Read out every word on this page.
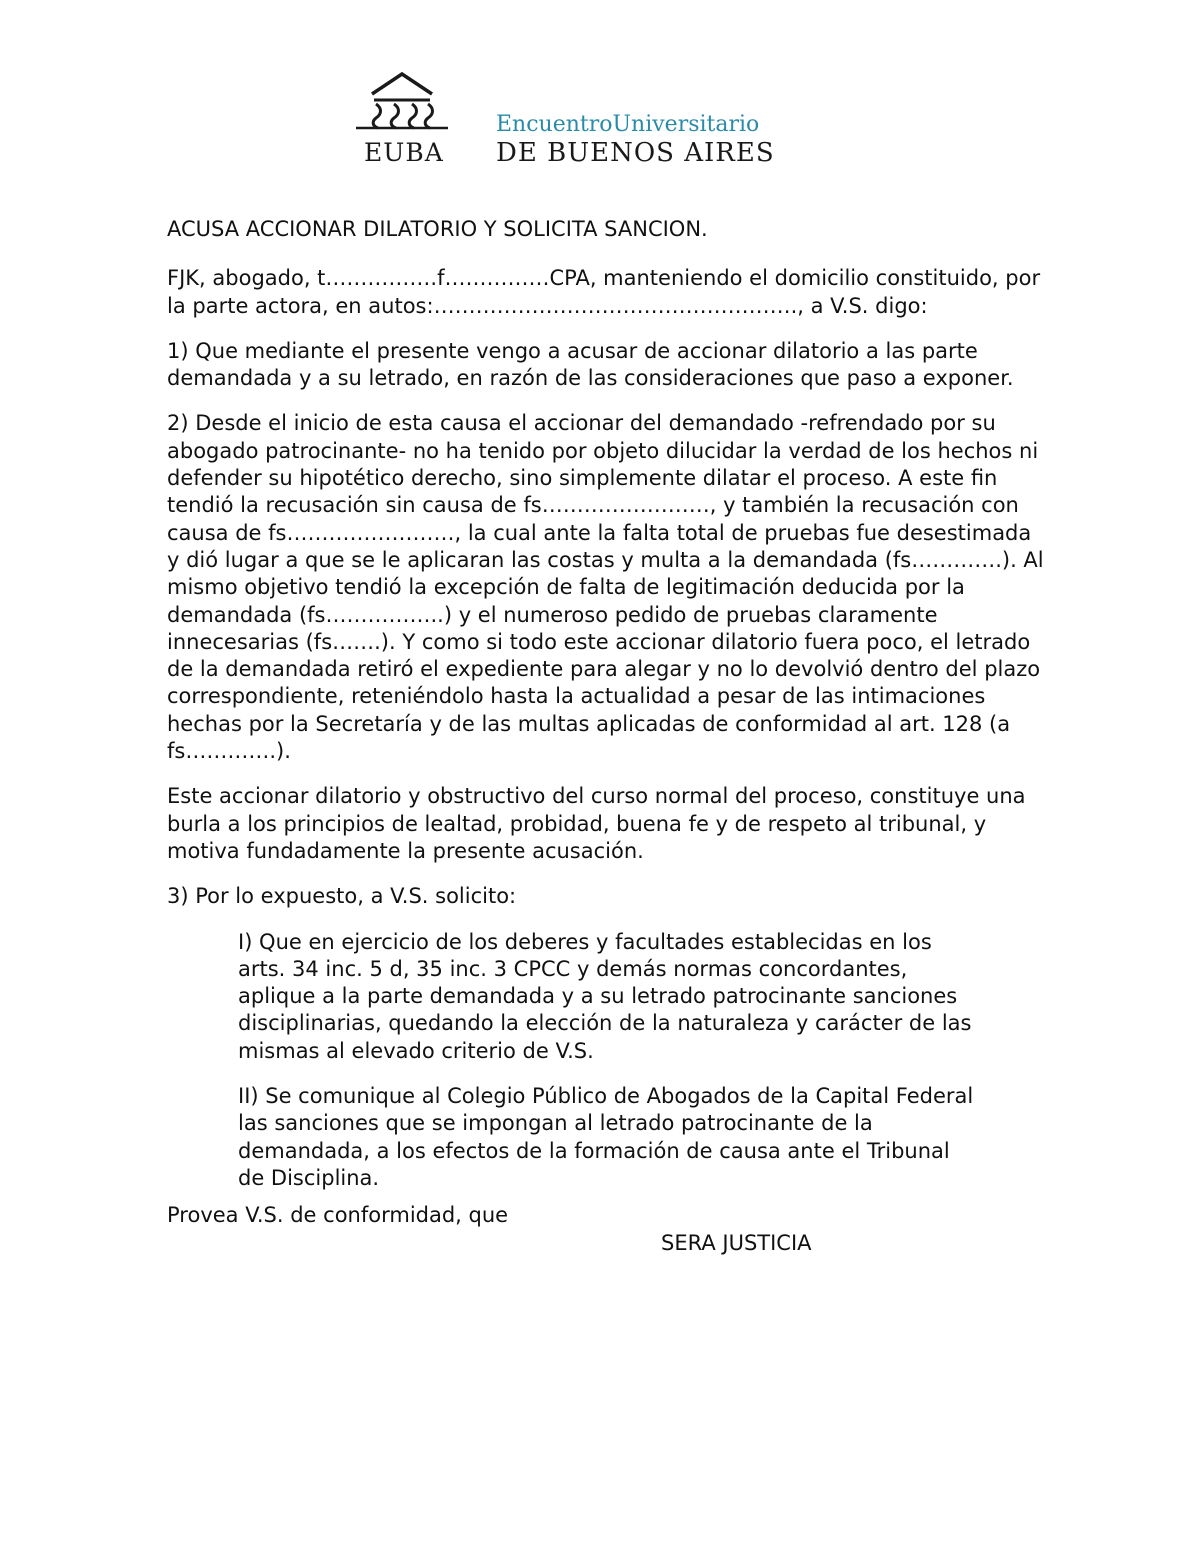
EUBA
EncuentroUniversitario
DE BUENOS AIRES

ACUSA ACCIONAR DILATORIO Y SOLICITA SANCION.

FJK, abogado, t…………….f……………CPA, manteniendo el domicilio constituido, por la parte actora, en autos:……………………………………………., a V.S. digo:

1) Que mediante el presente vengo a acusar de accionar dilatorio a las parte demandada y a su letrado, en razón de las consideraciones que paso a exponer.

2) Desde el inicio de esta causa el accionar del demandado -refrendado por su abogado patrocinante- no ha tenido por objeto dilucidar la verdad de los hechos ni defender su hipotético derecho, sino simplemente dilatar el proceso. A este fin tendió la recusación sin causa de fs……………………, y también la recusación con causa de fs……………………, la cual ante la falta total de pruebas fue desestimada y dió lugar a que se le aplicaran las costas y multa a la demandada (fs………….). Al mismo objetivo tendió la excepción de falta de legitimación deducida por la demandada (fs……………..) y el numeroso pedido de pruebas claramente innecesarias (fs…….). Y como si todo este accionar dilatorio fuera poco, el letrado de la demandada retiró el expediente para alegar y no lo devolvió dentro del plazo correspondiente, reteniéndolo hasta la actualidad a pesar de las intimaciones hechas por la Secretaría y de las multas aplicadas de conformidad al art. 128 (a fs………….).

Este accionar dilatorio y obstructivo del curso normal del proceso, constituye una burla a los principios de lealtad, probidad, buena fe y de respeto al tribunal, y motiva fundadamente la presente acusación.

3) Por lo expuesto, a V.S. solicito:

I) Que en ejercicio de los deberes y facultades establecidas en los arts. 34 inc. 5 d, 35 inc. 3 CPCC y demás normas concordantes, aplique a la parte demandada y a su letrado patrocinante sanciones disciplinarias, quedando la elección de la naturaleza y carácter de las mismas al elevado criterio de V.S.

II) Se comunique al Colegio Público de Abogados de la Capital Federal las sanciones que se impongan al letrado patrocinante de la demandada, a los efectos de la formación de causa ante el Tribunal de Disciplina.

Provea V.S. de conformidad, que

SERA JUSTICIA
